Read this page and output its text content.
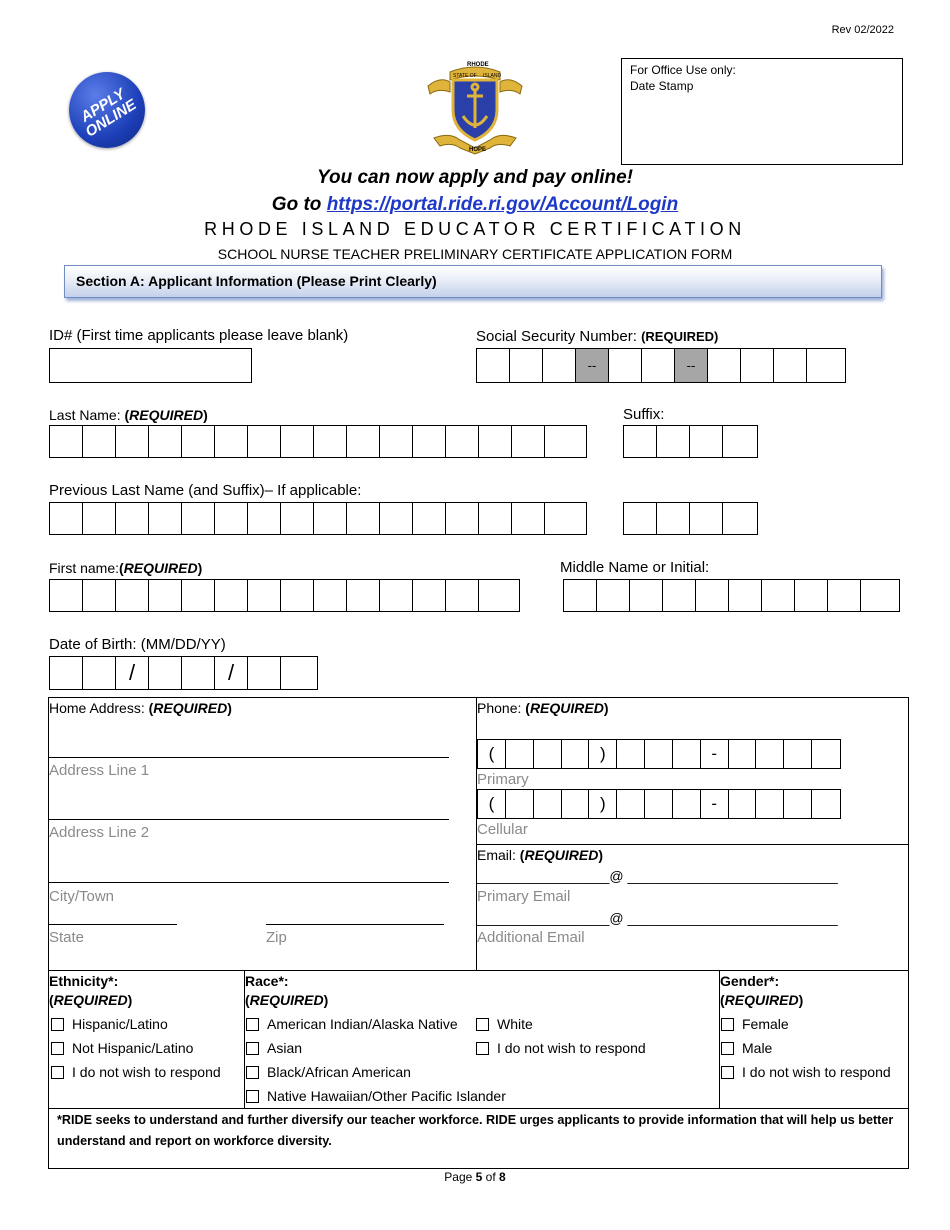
Rev 02/2022
APPLY ONLINE
RHODE
STATE OF ISLAND
HOPE
For Office Use only:
Date Stamp
You can now apply and pay online!
Go to https://portal.ride.ri.gov/Account/Login
RHODE ISLAND EDUCATOR CERTIFICATION
SCHOOL NURSE TEACHER PRELIMINARY CERTIFICATE APPLICATION FORM
Section A: Applicant Information (Please Print Clearly)
ID# (First time applicants please leave blank)	Social Security Number: (REQUIRED)
--	--
Last Name: (REQUIRED)	Suffix:
Previous Last Name (and Suffix)– If applicable:
First name:(REQUIRED)	Middle Name or Initial:
Date of Birth: (MM/DD/YY)
/	/
Home Address: (REQUIRED)
Address Line 1
Address Line 2
City/Town
State	Zip
Phone: (REQUIRED)
(	)	-
Primary
(	)	-
Cellular
Email: (REQUIRED)
_________________@ ___________________________
Primary Email
_________________@ ___________________________
Additional Email
Ethnicity*:
(REQUIRED)
Hispanic/Latino
Not Hispanic/Latino
I do not wish to respond
Race*:
(REQUIRED)
American Indian/Alaska Native
Asian
Black/African American
Native Hawaiian/Other Pacific Islander
White
I do not wish to respond
Gender*:
(REQUIRED)
Female
Male
I do not wish to respond
*RIDE seeks to understand and further diversify our teacher workforce. RIDE urges applicants to provide information that will help us better understand and report on workforce diversity.
Page 5 of 8
